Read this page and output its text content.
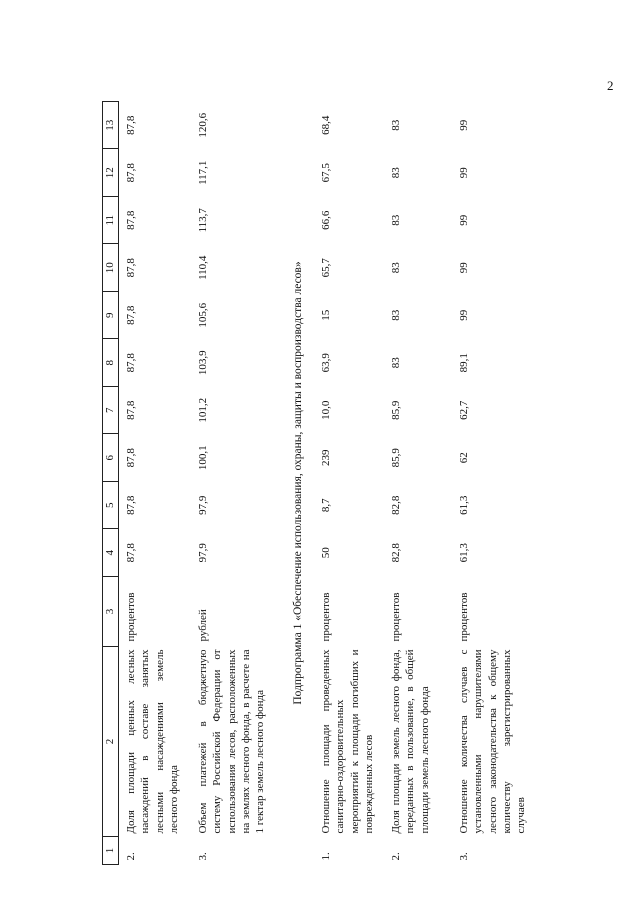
2
1	2	3	4	5	6	7	8	9	10	11	12	13
2.	Доля площади ценных лесных насаждений в составе занятых лесными насаждениями земель лесного фонда	процентов	87,8	87,8	87,8	87,8	87,8	87,8	87,8	87,8	87,8	87,8
3.	Объем платежей в бюджетную систему Российской Федерации от использования лесов, расположенных на землях лесного фонда, в расчете на 1 гектар земель лесного фонда	рублей	97,9	97,9	100,1	101,2	103,9	105,6	110,4	113,7	117,1	120,6
Подпрограмма 1 «Обеспечение использования, охраны, защиты и воспроизводства лесов»												
1.	Отношение площади проведенных санитарно-оздоровительных мероприятий к площади погибших и поврежденных лесов	процентов	50	8,7	239	10,0	63,9	15	65,7	66,6	67,5	68,4
2.	Доля площади земель лесного фонда, переданных в пользование, в общей площади земель лесного фонда	процентов	82,8	82,8	85,9	85,9	83	83	83	83	83	83
3.	Отношение количества случаев с установленными нарушителями лесного законодательства к общему количеству зарегистрированных случаев	процентов	61,3	61,3	62	62,7	89,1	99	99	99	99	99
